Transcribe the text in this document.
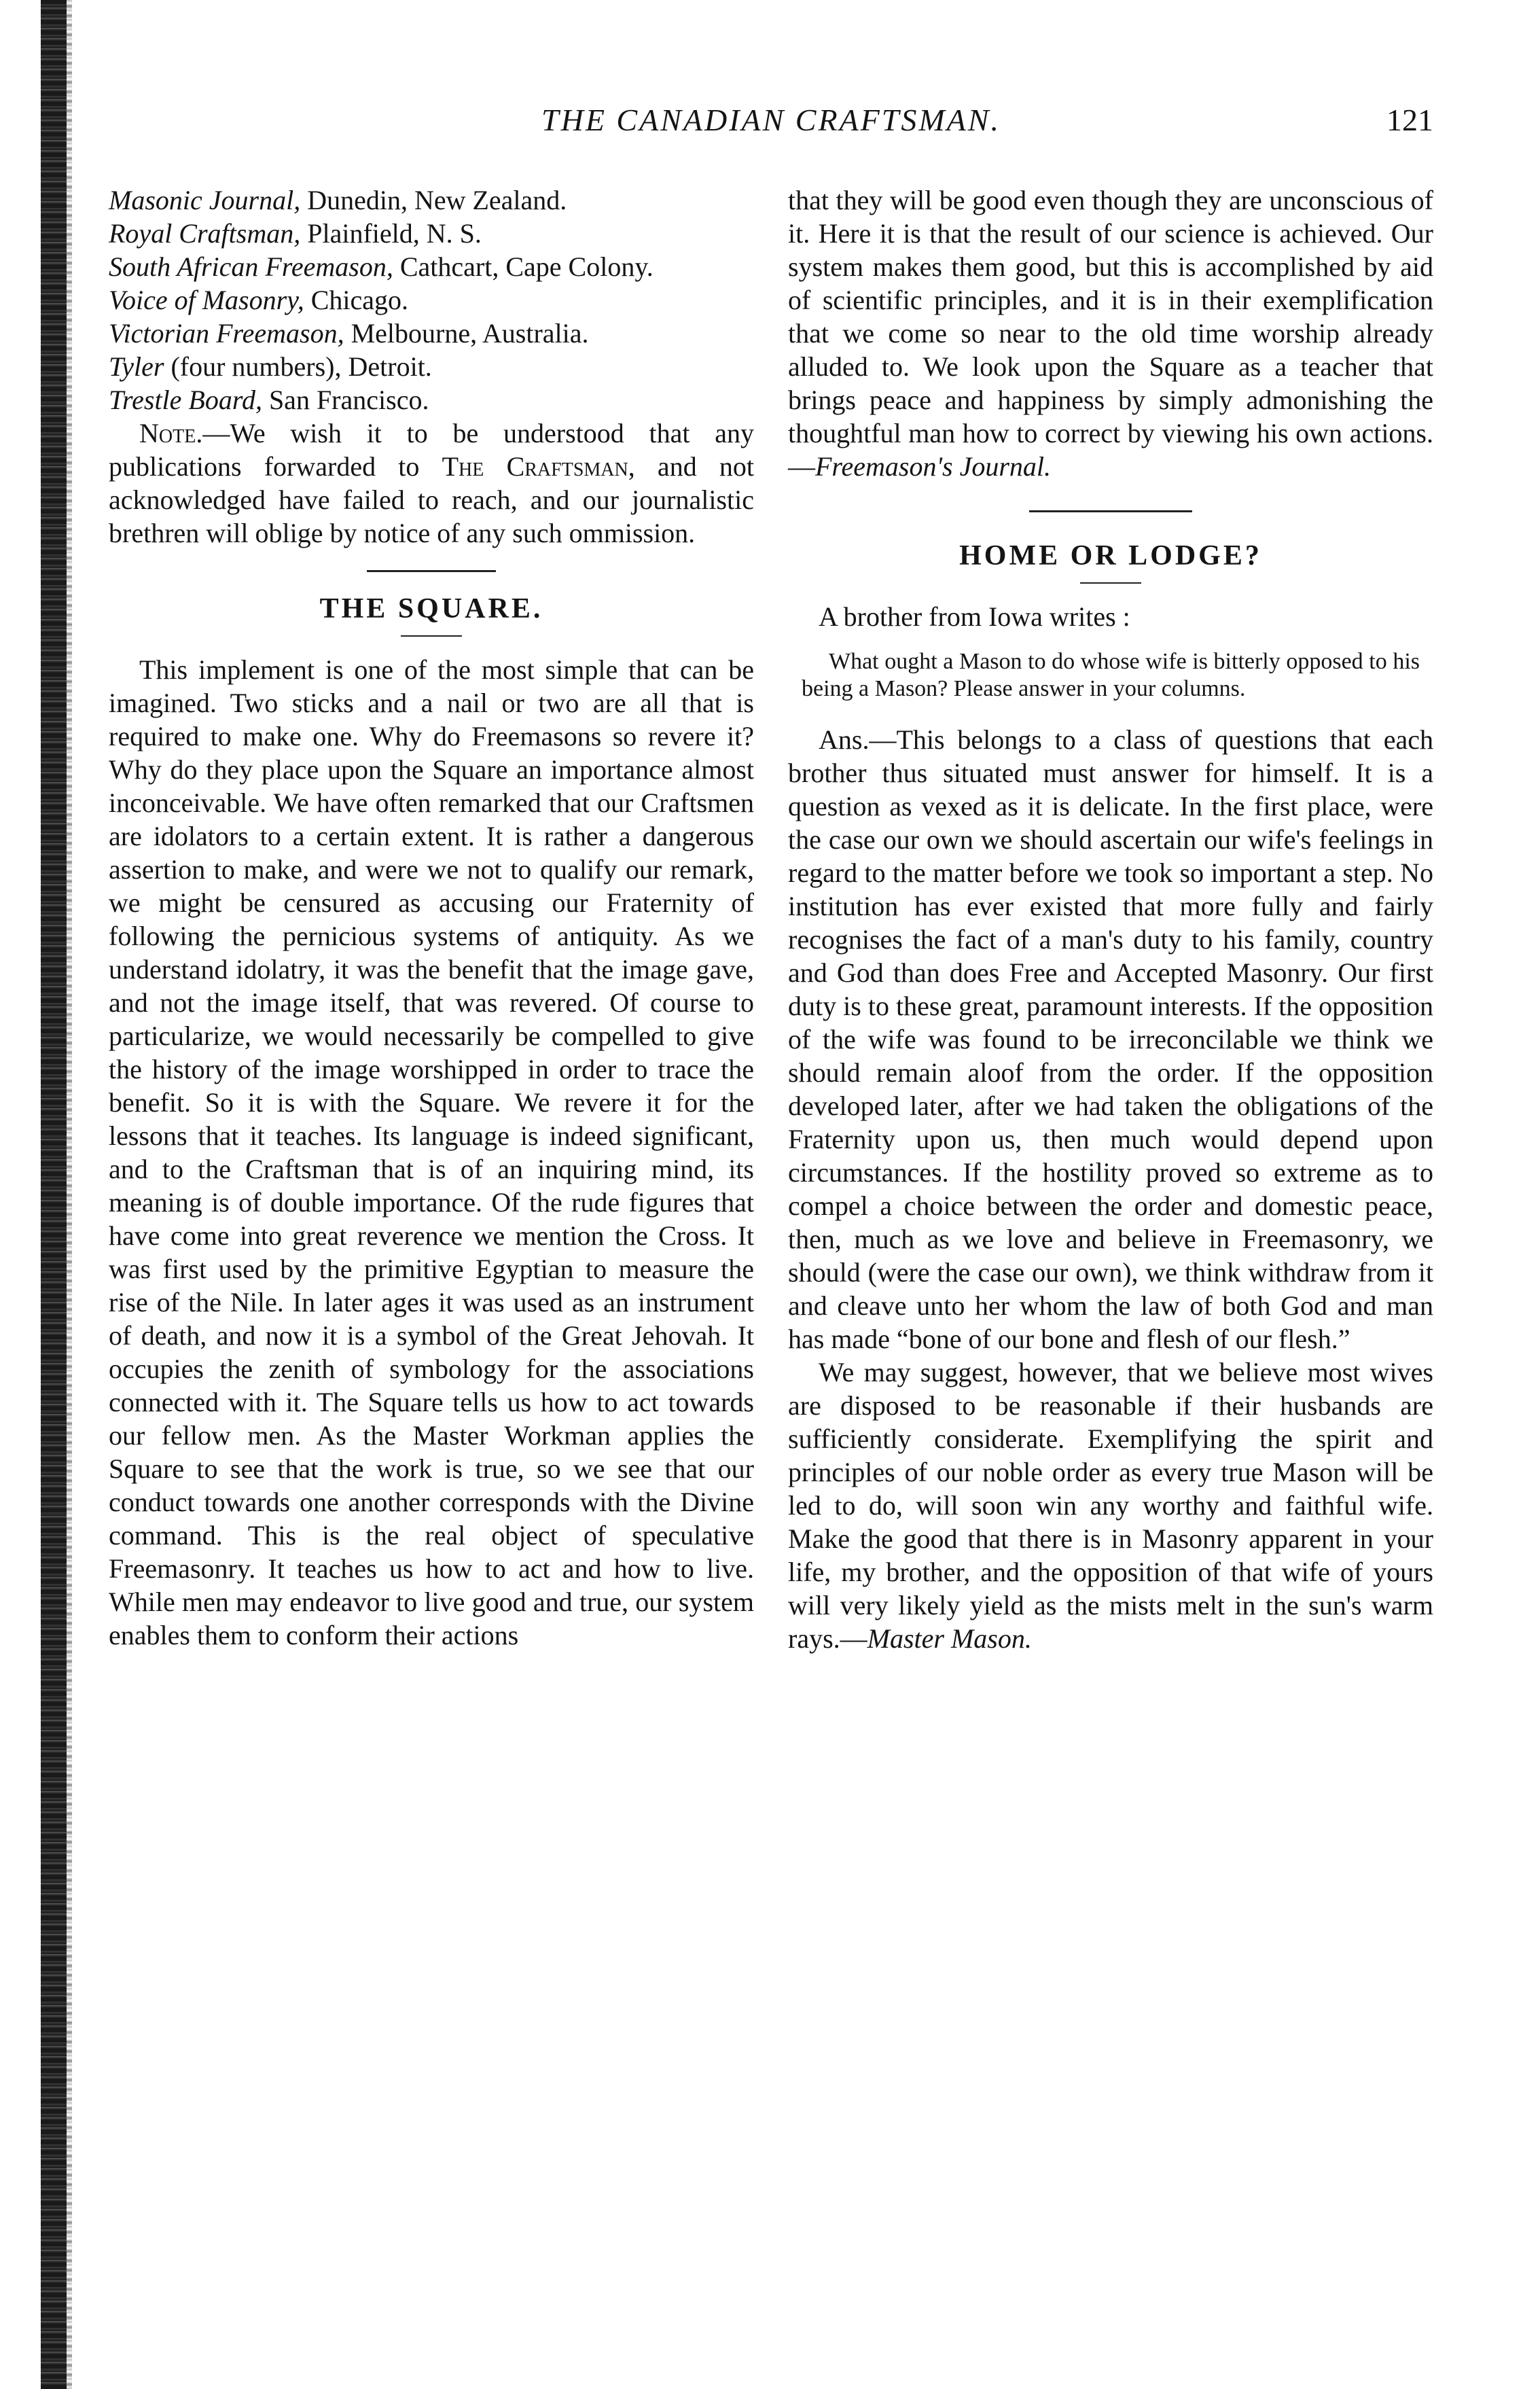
THE CANADIAN CRAFTSMAN.	121

Masonic Journal, Dunedin, New Zealand.

Royal Craftsman, Plainfield, N. S.

South African Freemason, Cathcart, Cape Colony.

Voice of Masonry, Chicago.

Victorian Freemason, Melbourne, Australia.

Tyler (four numbers), Detroit.

Trestle Board, San Francisco.

Note.—We wish it to be understood that any publications forwarded to The Craftsman, and not acknowledged have failed to reach, and our journalistic brethren will oblige by notice of any such ommission.

THE SQUARE.

This implement is one of the most simple that can be imagined. Two sticks and a nail or two are all that is required to make one. Why do Freemasons so revere it? Why do they place upon the Square an importance almost inconceivable. We have often remarked that our Craftsmen are idolators to a certain extent. It is rather a dangerous assertion to make, and were we not to qualify our remark, we might be censured as accusing our Fraternity of following the pernicious systems of antiquity. As we understand idolatry, it was the benefit that the image gave, and not the image itself, that was revered. Of course to particularize, we would necessarily be compelled to give the history of the image worshipped in order to trace the benefit. So it is with the Square. We revere it for the lessons that it teaches. Its language is indeed significant, and to the Craftsman that is of an inquiring mind, its meaning is of double importance. Of the rude figures that have come into great reverence we mention the Cross. It was first used by the primitive Egyptian to measure the rise of the Nile. In later ages it was used as an instrument of death, and now it is a symbol of the Great Jehovah. It occupies the zenith of symbology for the associations connected with it. The Square tells us how to act towards our fellow men. As the Master Workman applies the Square to see that the work is true, so we see that our conduct towards one another corresponds with the Divine command. This is the real object of speculative Freemasonry. It teaches us how to act and how to live. While men may endeavor to live good and true, our system enables them to conform their actions

that they will be good even though they are unconscious of it. Here it is that the result of our science is achieved. Our system makes them good, but this is accomplished by aid of scientific principles, and it is in their exemplification that we come so near to the old time worship already alluded to. We look upon the Square as a teacher that brings peace and happiness by simply admonishing the thoughtful man how to correct by viewing his own actions.—Freemason's Journal.

HOME OR LODGE?

A brother from Iowa writes :

What ought a Mason to do whose wife is bitterly opposed to his being a Mason? Please answer in your columns.

Ans.—This belongs to a class of questions that each brother thus situated must answer for himself. It is a question as vexed as it is delicate. In the first place, were the case our own we should ascertain our wife's feelings in regard to the matter before we took so important a step. No institution has ever existed that more fully and fairly recognises the fact of a man's duty to his family, country and God than does Free and Accepted Masonry. Our first duty is to these great, paramount interests. If the opposition of the wife was found to be irreconcilable we think we should remain aloof from the order. If the opposition developed later, after we had taken the obligations of the Fraternity upon us, then much would depend upon circumstances. If the hostility proved so extreme as to compel a choice between the order and domestic peace, then, much as we love and believe in Freemasonry, we should (were the case our own), we think withdraw from it and cleave unto her whom the law of both God and man has made “bone of our bone and flesh of our flesh.”

We may suggest, however, that we believe most wives are disposed to be reasonable if their husbands are sufficiently considerate. Exemplifying the spirit and principles of our noble order as every true Mason will be led to do, will soon win any worthy and faithful wife. Make the good that there is in Masonry apparent in your life, my brother, and the opposition of that wife of yours will very likely yield as the mists melt in the sun's warm rays.—Master Mason.
